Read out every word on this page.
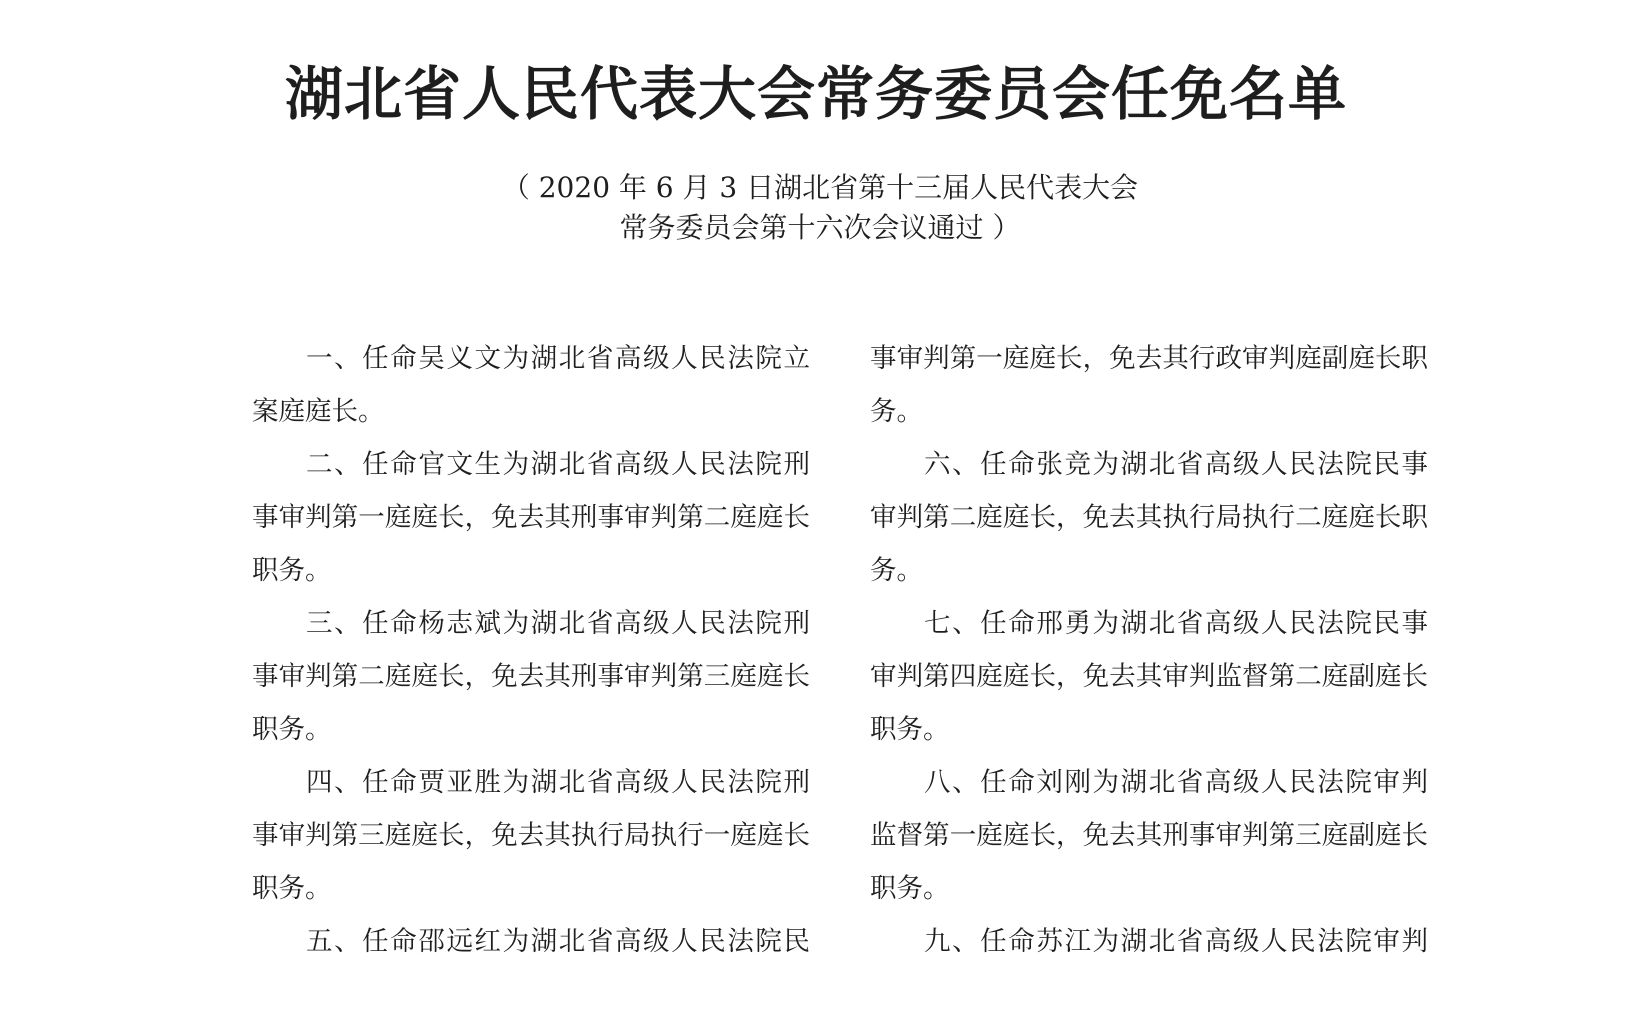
湖北省人民代表大会常务委员会任免名单
（ 2020 年 6 月 3 日湖北省第十三届人民代表大会
常务委员会第十六次会议通过 ）
一、任命吴义文为湖北省高级人民法院立
案庭庭长。
二、任命官文生为湖北省高级人民法院刑
事审判第一庭庭长，免去其刑事审判第二庭庭长
职务。
三、任命杨志斌为湖北省高级人民法院刑
事审判第二庭庭长，免去其刑事审判第三庭庭长
职务。
四、任命贾亚胜为湖北省高级人民法院刑
事审判第三庭庭长，免去其执行局执行一庭庭长
职务。
五、任命邵远红为湖北省高级人民法院民
事审判第一庭庭长，免去其行政审判庭副庭长职
务。
六、任命张竞为湖北省高级人民法院民事
审判第二庭庭长，免去其执行局执行二庭庭长职
务。
七、任命邢勇为湖北省高级人民法院民事
审判第四庭庭长，免去其审判监督第二庭副庭长
职务。
八、任命刘刚为湖北省高级人民法院审判
监督第一庭庭长，免去其刑事审判第三庭副庭长
职务。
九、任命苏江为湖北省高级人民法院审判
